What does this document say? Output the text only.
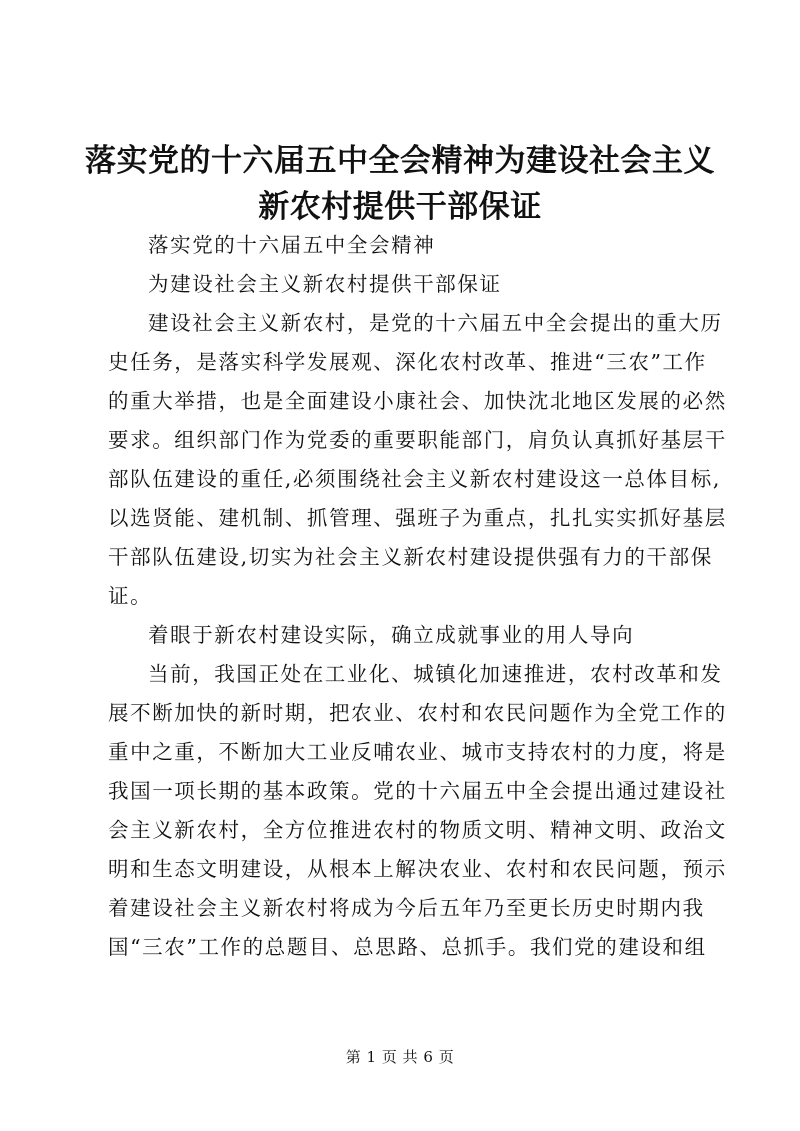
落实党的十六届五中全会精神为建设社会主义
新农村提供干部保证

落实党的十六届五中全会精神

为建设社会主义新农村提供干部保证

建设社会主义新农村，是党的十六届五中全会提出的重大历

史任务，是落实科学发展观、深化农村改革、推进“三农”工作

的重大举措，也是全面建设小康社会、加快沈北地区发展的必然

要求。组织部门作为党委的重要职能部门，肩负认真抓好基层干

部队伍建设的重任,必须围绕社会主义新农村建设这一总体目标,

以选贤能、建机制、抓管理、强班子为重点，扎扎实实抓好基层

干部队伍建设,切实为社会主义新农村建设提供强有力的干部保

证。

着眼于新农村建设实际，确立成就事业的用人导向

当前，我国正处在工业化、城镇化加速推进，农村改革和发

展不断加快的新时期，把农业、农村和农民问题作为全党工作的

重中之重，不断加大工业反哺农业、城市支持农村的力度，将是

我国一项长期的基本政策。党的十六届五中全会提出通过建设社

会主义新农村，全方位推进农村的物质文明、精神文明、政治文

明和生态文明建设，从根本上解决农业、农村和农民问题，预示

着建设社会主义新农村将成为今后五年乃至更长历史时期内我

国“三农”工作的总题目、总思路、总抓手。我们党的建设和组

第 1 页 共 6 页
